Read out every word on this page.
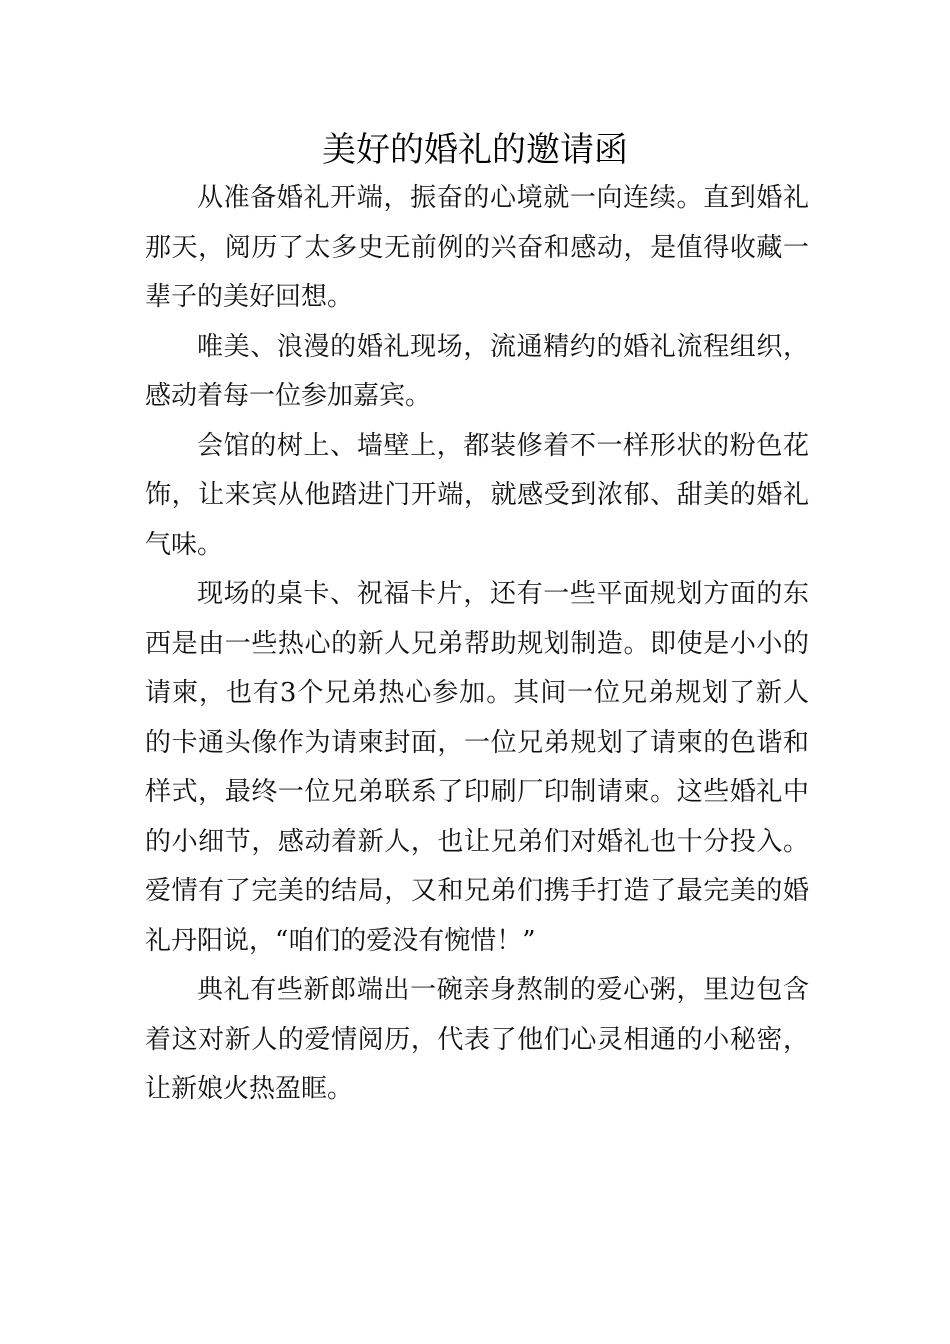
美好的婚礼的邀请函

从准备婚礼开端，振奋的心境就一向连续。直到婚礼那天，阅历了太多史无前例的兴奋和感动，是值得收藏一辈子的美好回想。

唯美、浪漫的婚礼现场，流通精约的婚礼流程组织，感动着每一位参加嘉宾。

会馆的树上、墙壁上，都装修着不一样形状的粉色花饰，让来宾从他踏进门开端，就感受到浓郁、甜美的婚礼气味。

现场的桌卡、祝福卡片，还有一些平面规划方面的东西是由一些热心的新人兄弟帮助规划制造。即使是小小的请柬，也有3个兄弟热心参加。其间一位兄弟规划了新人的卡通头像作为请柬封面，一位兄弟规划了请柬的色谐和样式，最终一位兄弟联系了印刷厂印制请柬。这些婚礼中的小细节，感动着新人，也让兄弟们对婚礼也十分投入。爱情有了完美的结局，又和兄弟们携手打造了最完美的婚礼丹阳说，“咱们的爱没有惋惜！”

典礼有些新郎端出一碗亲身熬制的爱心粥，里边包含着这对新人的爱情阅历，代表了他们心灵相通的小秘密，让新娘火热盈眶。
